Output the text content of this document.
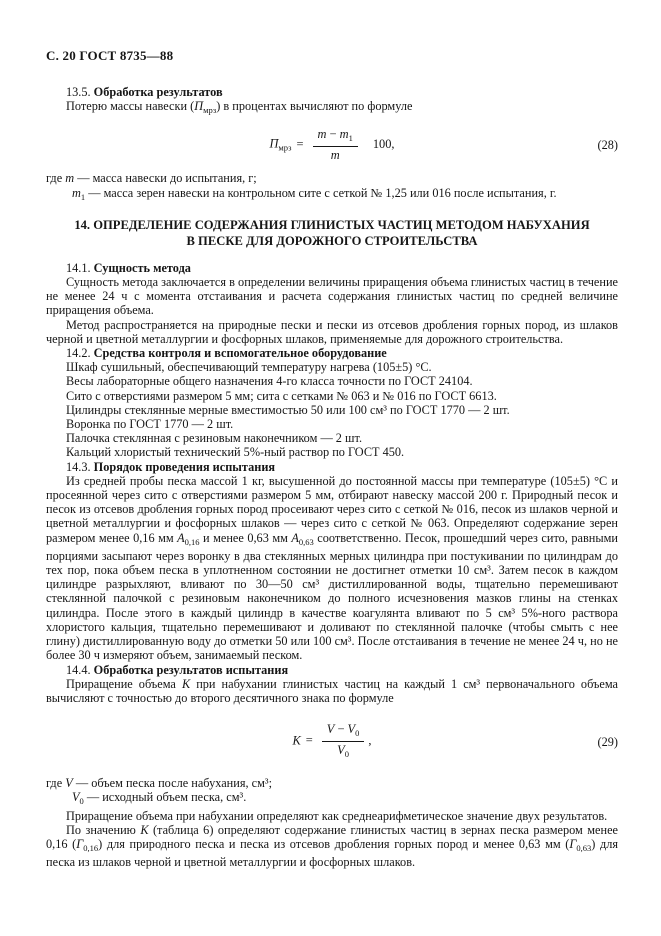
С. 20 ГОСТ 8735—88

13.5. Обработка результатов

Потерю массы навески $(П_{мрз})$ в процентах вычисляют по формуле

$П_{мрз} = \frac{m - m_1}{m} 100$,	(28)

где m — масса навески до испытания, г;

$m_1$ — масса зерен навески на контрольном сите с сеткой № 1,25 или 016 после испытания, г.

14. ОПРЕДЕЛЕНИЕ СОДЕРЖАНИЯ ГЛИНИСТЫХ ЧАСТИЦ МЕТОДОМ НАБУХАНИЯ
В ПЕСКЕ ДЛЯ ДОРОЖНОГО СТРОИТЕЛЬСТВА

14.1. Сущность метода

Сущность метода заключается в определении величины приращения объема глинистых частиц в течение не менее 24 ч с момента отстаивания и расчета содержания глинистых частиц по средней величине приращения объема.

Метод распространяется на природные пески и пески из отсевов дробления горных пород, из шлаков черной и цветной металлургии и фосфорных шлаков, применяемые для дорожного строительства.

14.2. Средства контроля и вспомогательное оборудование

Шкаф сушильный, обеспечивающий температуру нагрева (105±5) °С.

Весы лабораторные общего назначения 4-го класса точности по ГОСТ 24104.

Сито с отверстиями размером 5 мм; сита с сетками № 063 и № 016 по ГОСТ 6613.

Цилиндры стеклянные мерные вместимостью 50 или 100 см³ по ГОСТ 1770 — 2 шт.

Воронка по ГОСТ 1770 — 2 шт.

Палочка стеклянная с резиновым наконечником — 2 шт.

Кальций хлористый технический 5%-ный раствор по ГОСТ 450.

14.3. Порядок проведения испытания

Из средней пробы песка массой 1 кг, высушенной до постоянной массы при температуре (105±5) °С и просеянной через сито с отверстиями размером 5 мм, отбирают навеску массой 200 г. Природный песок и песок из отсевов дробления горных пород просеивают через сито с сеткой № 016, песок из шлаков черной и цветной металлургии и фосфорных шлаков — через сито с сеткой № 063. Определяют содержание зерен размером менее 0,16 мм $A_{0,16}$ и менее 0,63 мм $A_{0,63}$ соответственно. Песок, прошедший через сито, равными порциями засыпают через воронку в два стеклянных мерных цилиндра при постукивании по цилиндрам до тех пор, пока объем песка в уплотненном состоянии не достигнет отметки 10 см³. Затем песок в каждом цилиндре разрыхляют, вливают по 30—50 см³ дистиллированной воды, тщательно перемешивают стеклянной палочкой с резиновым наконечником до полного исчезновения мазков глины на стенках цилиндра. После этого в каждый цилиндр в качестве коагулянта вливают по 5 см³ 5%-ного раствора хлористого кальция, тщательно перемешивают и доливают по стеклянной палочке (чтобы смыть с нее глину) дистиллированную воду до отметки 50 или 100 см³. После отстаивания в течение не менее 24 ч, но не более 30 ч измеряют объем, занимаемый песком.

14.4. Обработка результатов испытания

Приращение объема K при набухании глинистых частиц на каждый 1 см³ первоначального объема вычисляют с точностью до второго десятичного знака по формуле

$K = \frac{V - V_0}{V_0}$ ,	(29)

где V — объем песка после набухания, см³;

$V_0$ — исходный объем песка, см³.

Приращение объема при набухании определяют как среднеарифметическое значение двух результатов.

По значению K (таблица 6) определяют содержание глинистых частиц в зернах песка размером менее 0,16 $(Г_{0,16})$ для природного песка и песка из отсевов дробления горных пород и менее 0,63 мм $(Г_{0,63})$ для песка из шлаков черной и цветной металлургии и фосфорных шлаков.
